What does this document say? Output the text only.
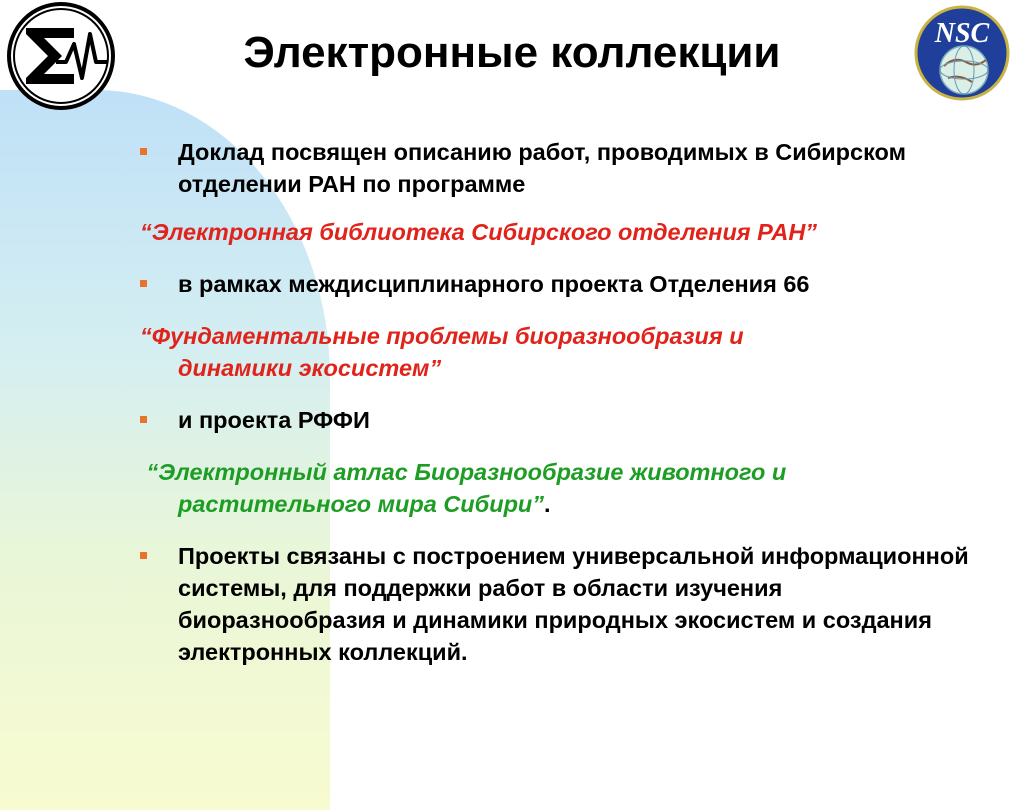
NSC
Электронные коллекции
Доклад посвящен описанию работ, проводимых в Сибирском отделении РАН по программе
“Электронная библиотека Сибирского отделения РАН”
в рамках междисциплинарного проекта Отделения 66
“Фундаментальные проблемы биоразнообразия и
динамики экосистем”
и проекта РФФИ
“Электронный атлас Биоразнообразие животного и
растительного мира Сибири”.
Проекты связаны с построением универсальной информационной системы, для поддержки работ в области изучения биоразнообразия и динамики природных экосистем и создания электронных коллекций.
